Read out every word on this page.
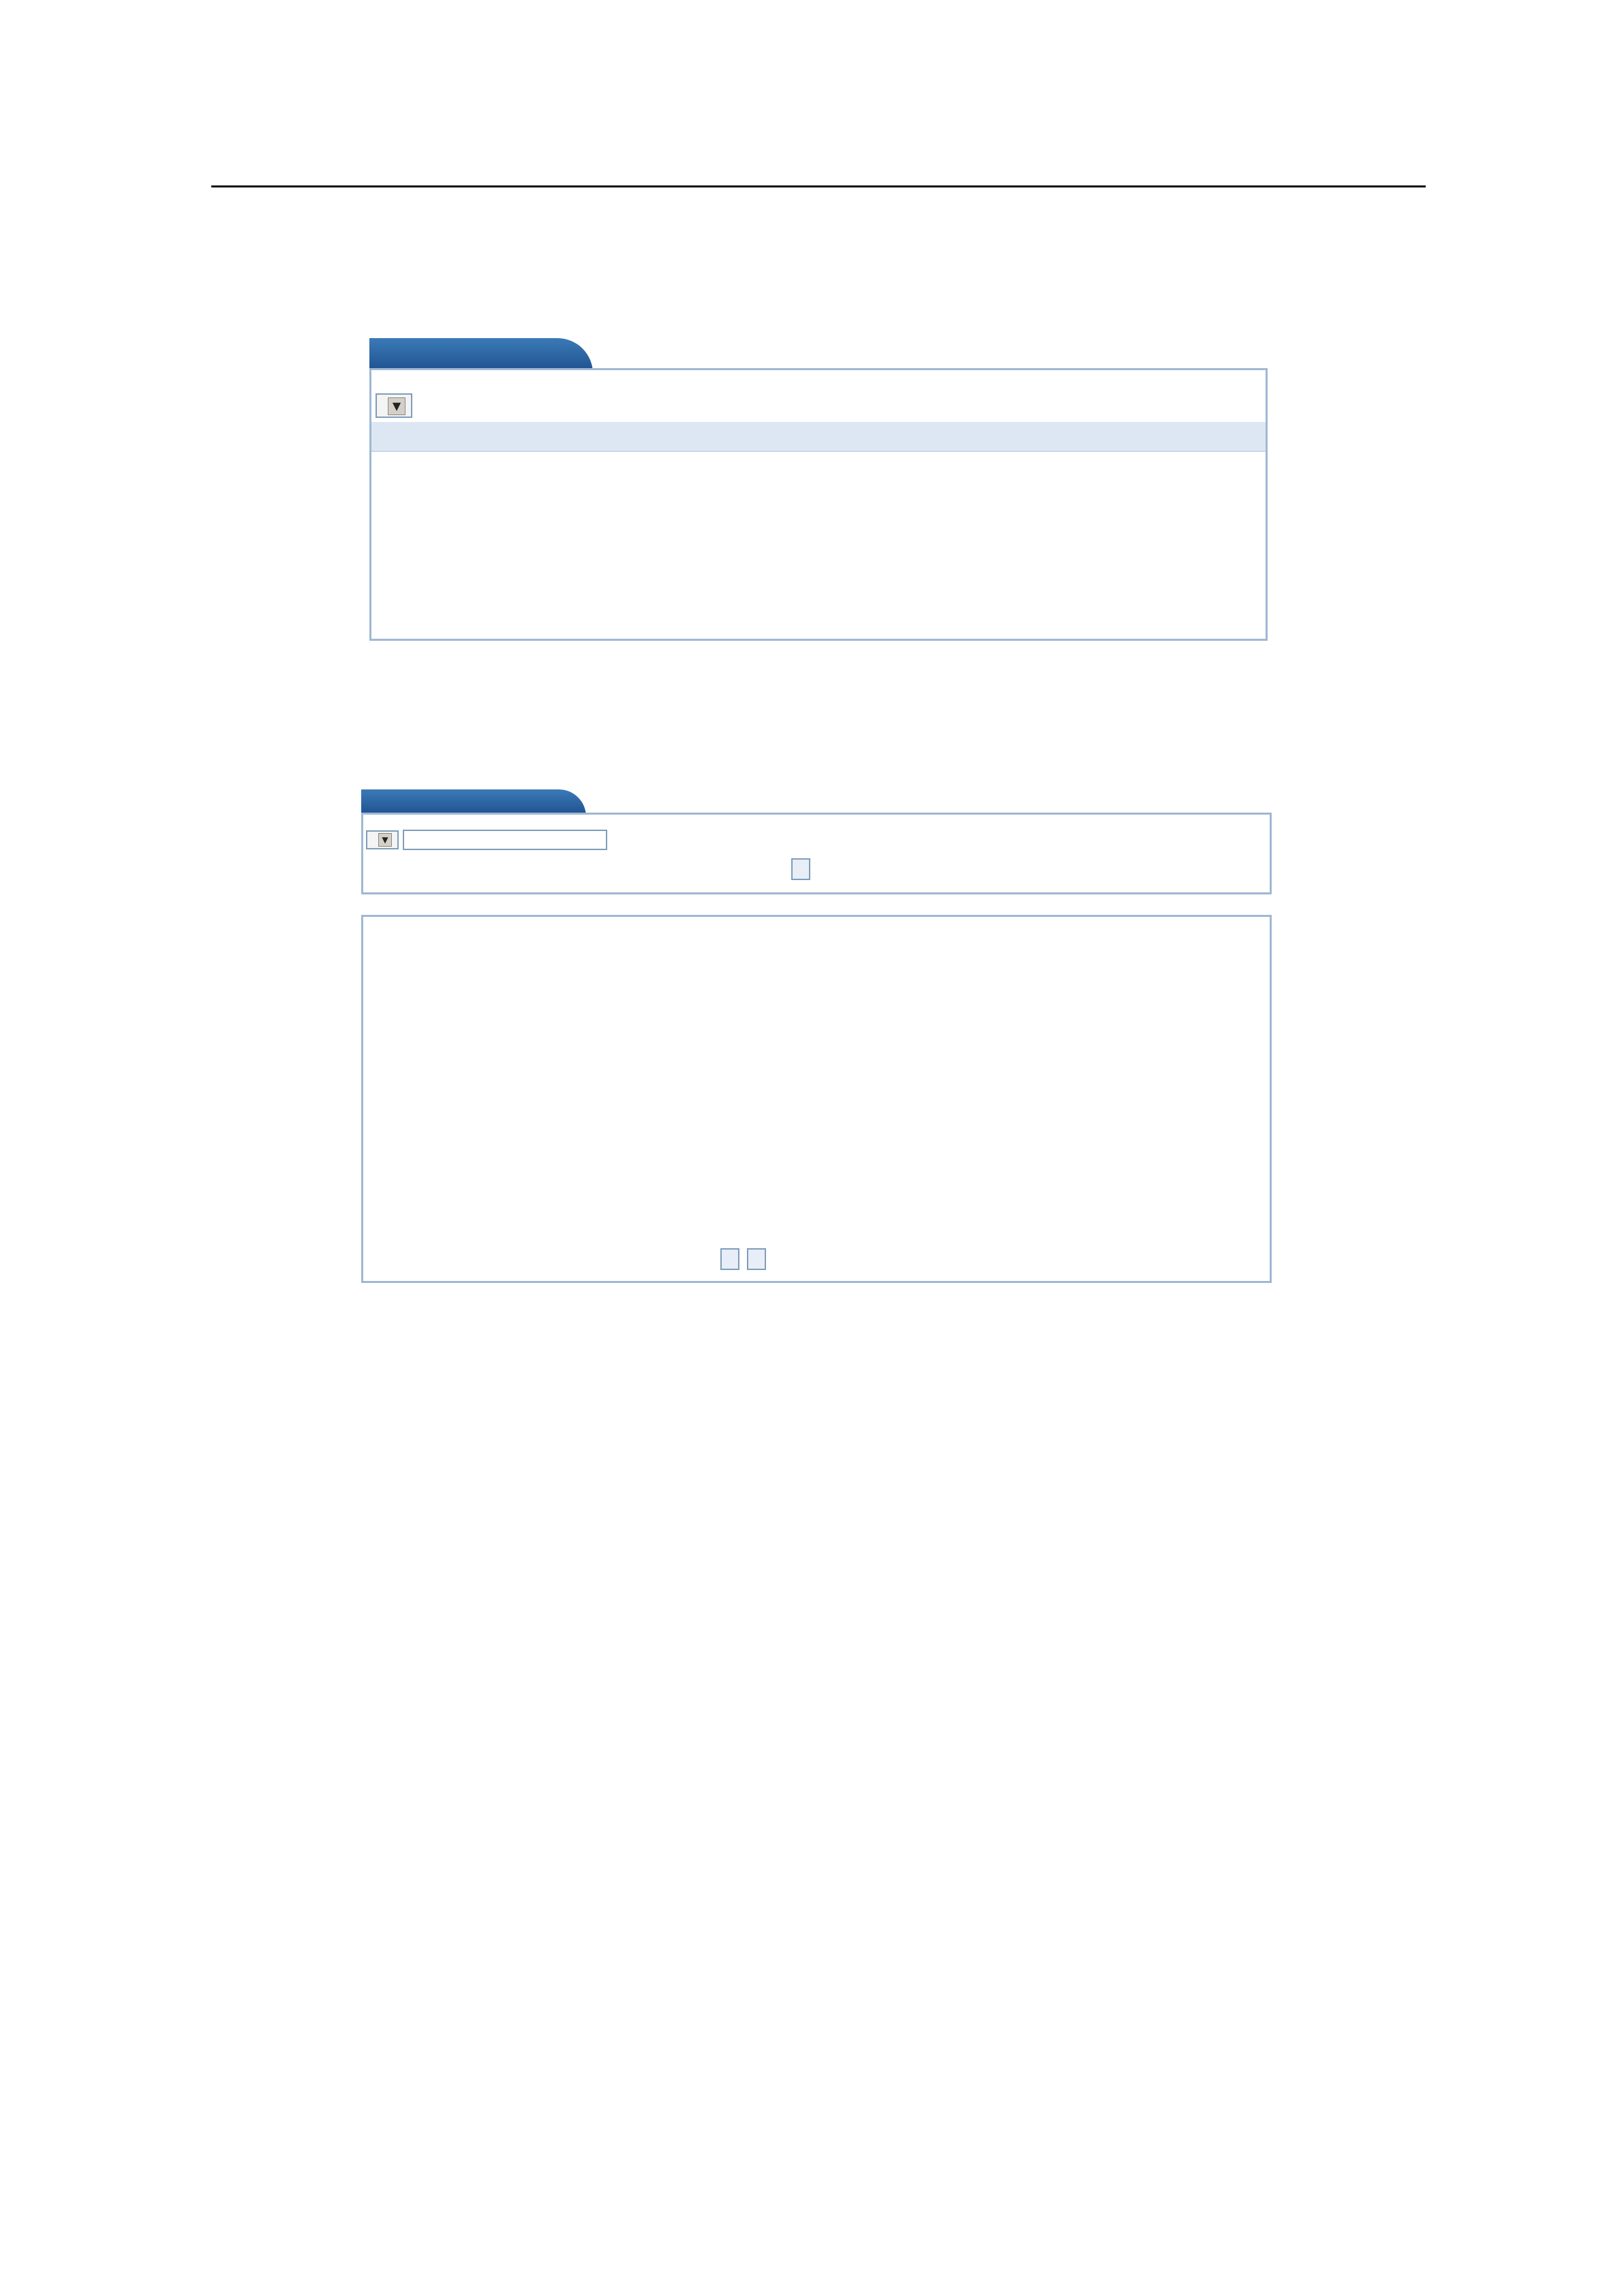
▼

▼
